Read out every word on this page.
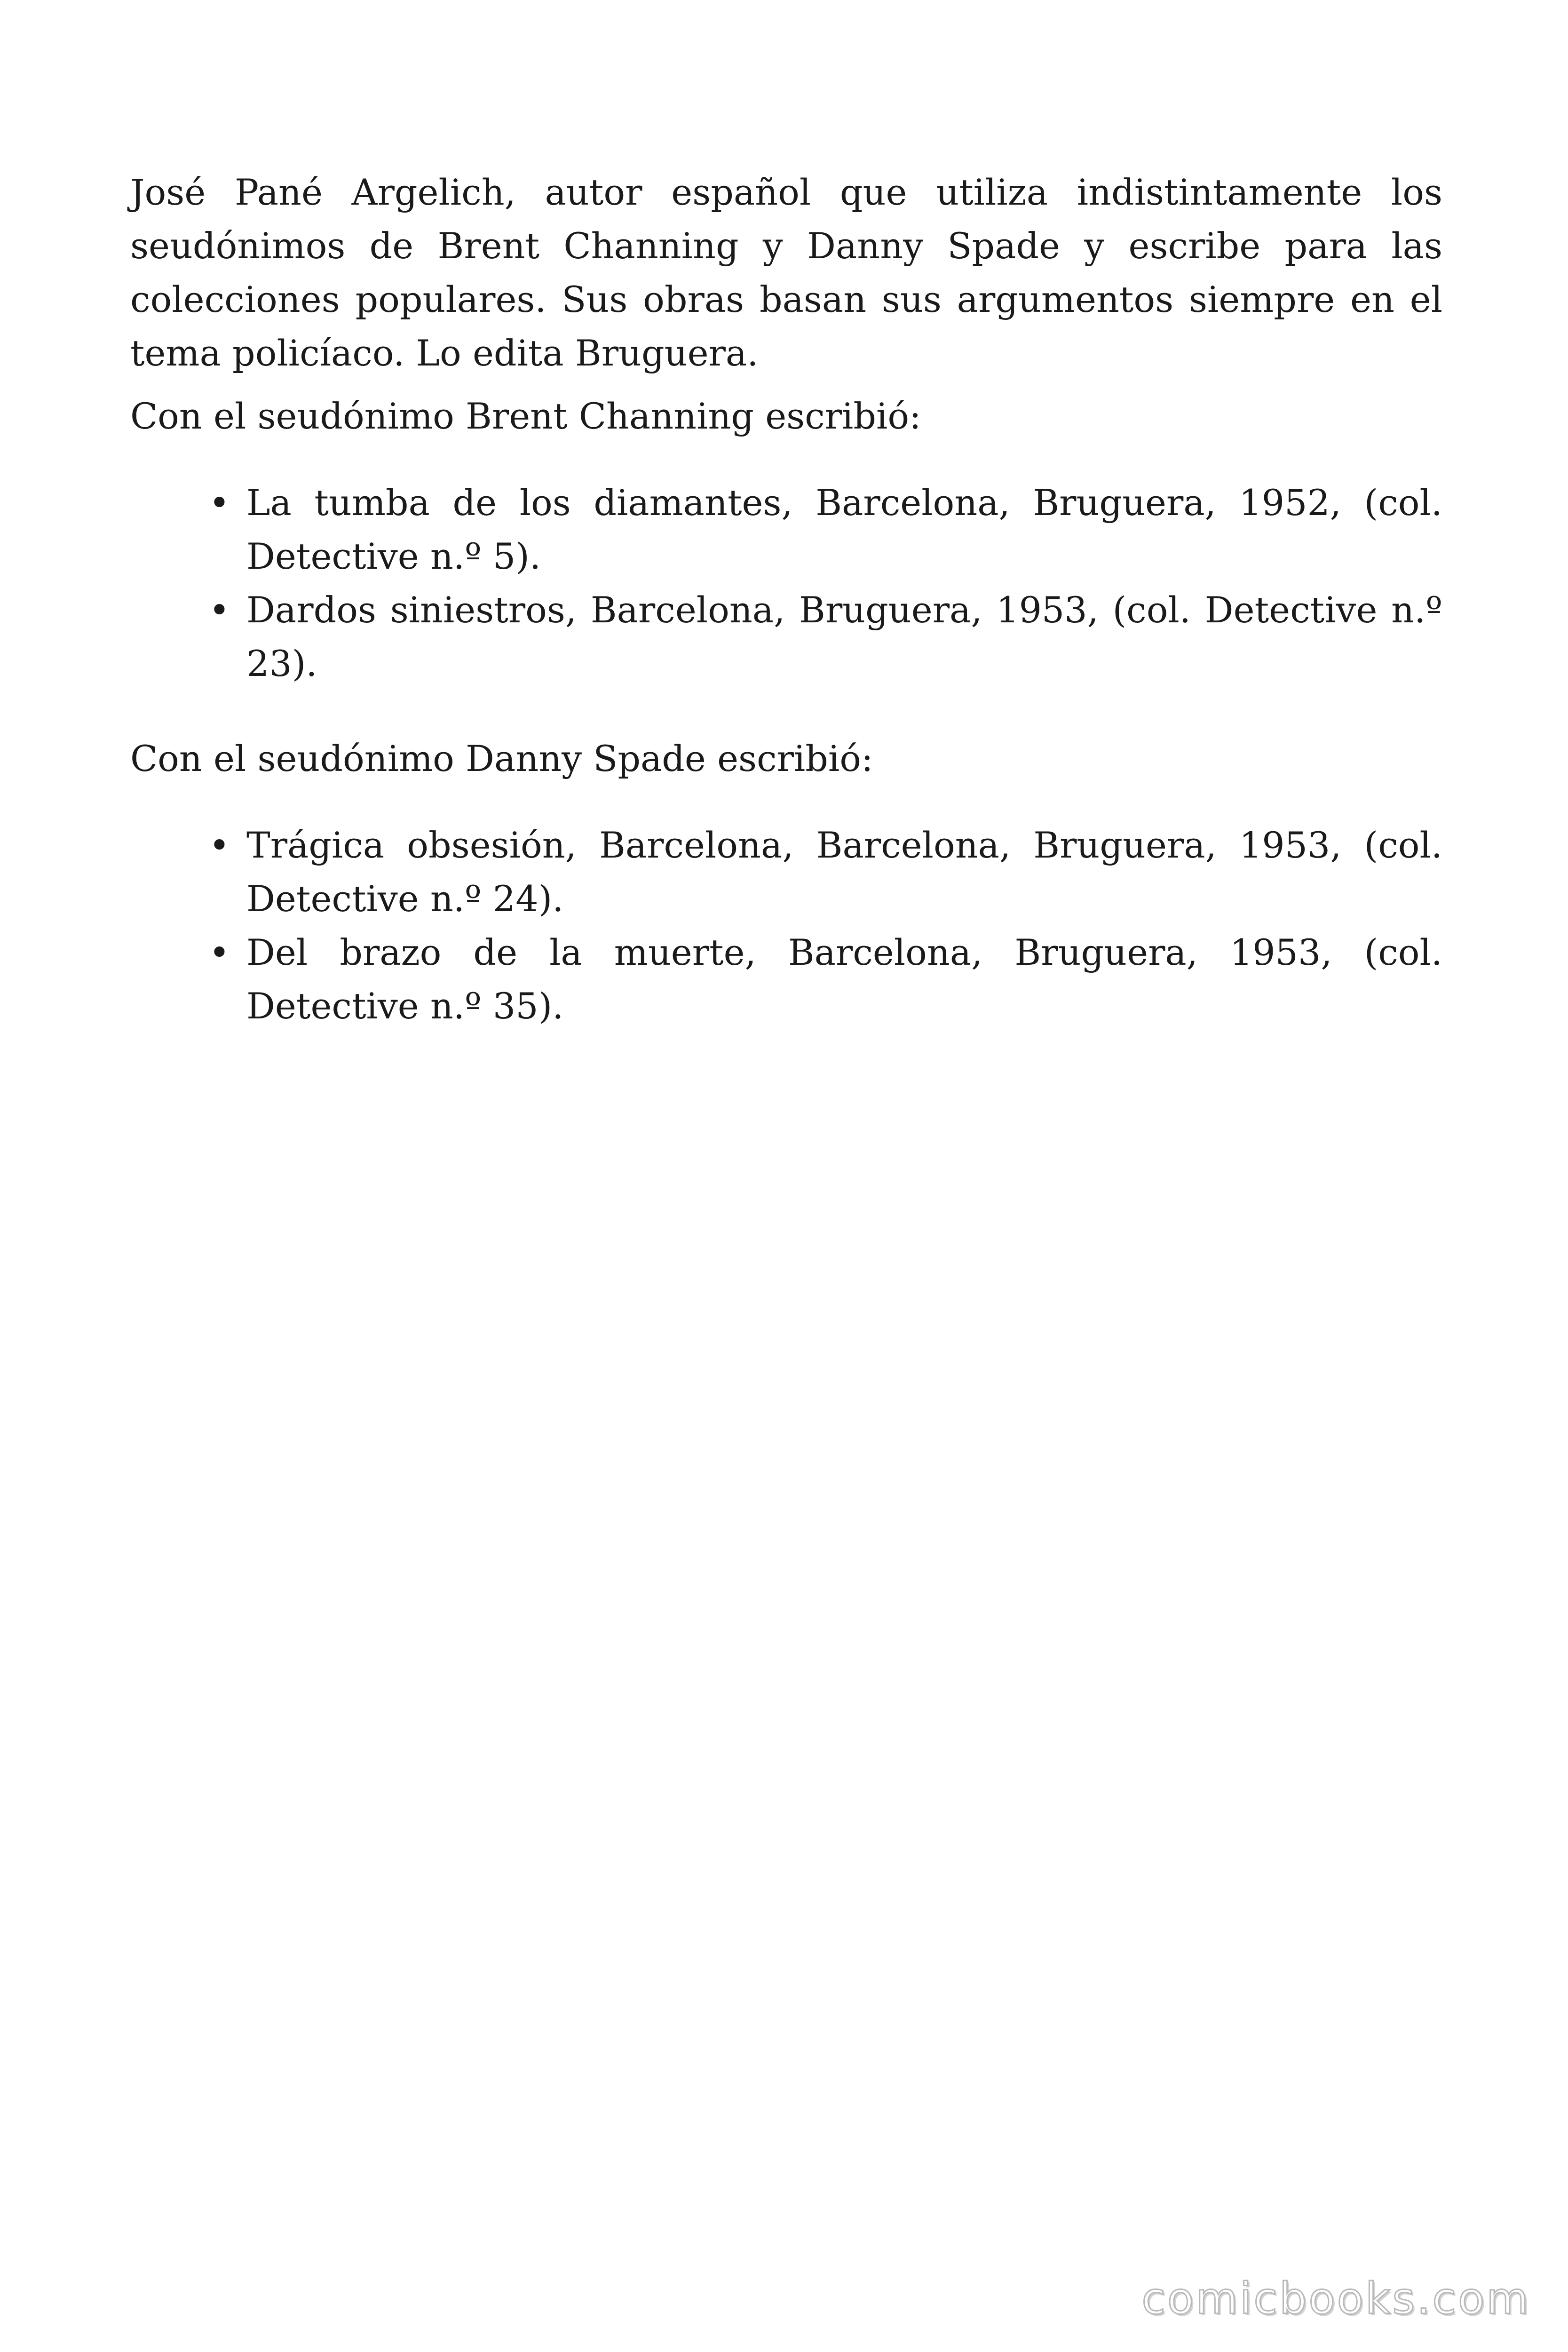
José Pané Argelich, autor español que utiliza indistintamente los seudónimos de Brent Channing y Danny Spade y escribe para las colecciones populares. Sus obras basan sus argumentos siempre en el tema policíaco. Lo edita Bruguera.

Con el seudónimo Brent Channing escribió:

• La tumba de los diamantes, Barcelona, Bruguera, 1952, (col. Detective n.º 5).
• Dardos siniestros, Barcelona, Bruguera, 1953, (col. Detective n.º 23).

Con el seudónimo Danny Spade escribió:

• Trágica obsesión, Barcelona, Barcelona, Bruguera, 1953, (col. Detective n.º 24).
• Del brazo de la muerte, Barcelona, Bruguera, 1953, (col. Detective n.º 35).
comicbooks.com
